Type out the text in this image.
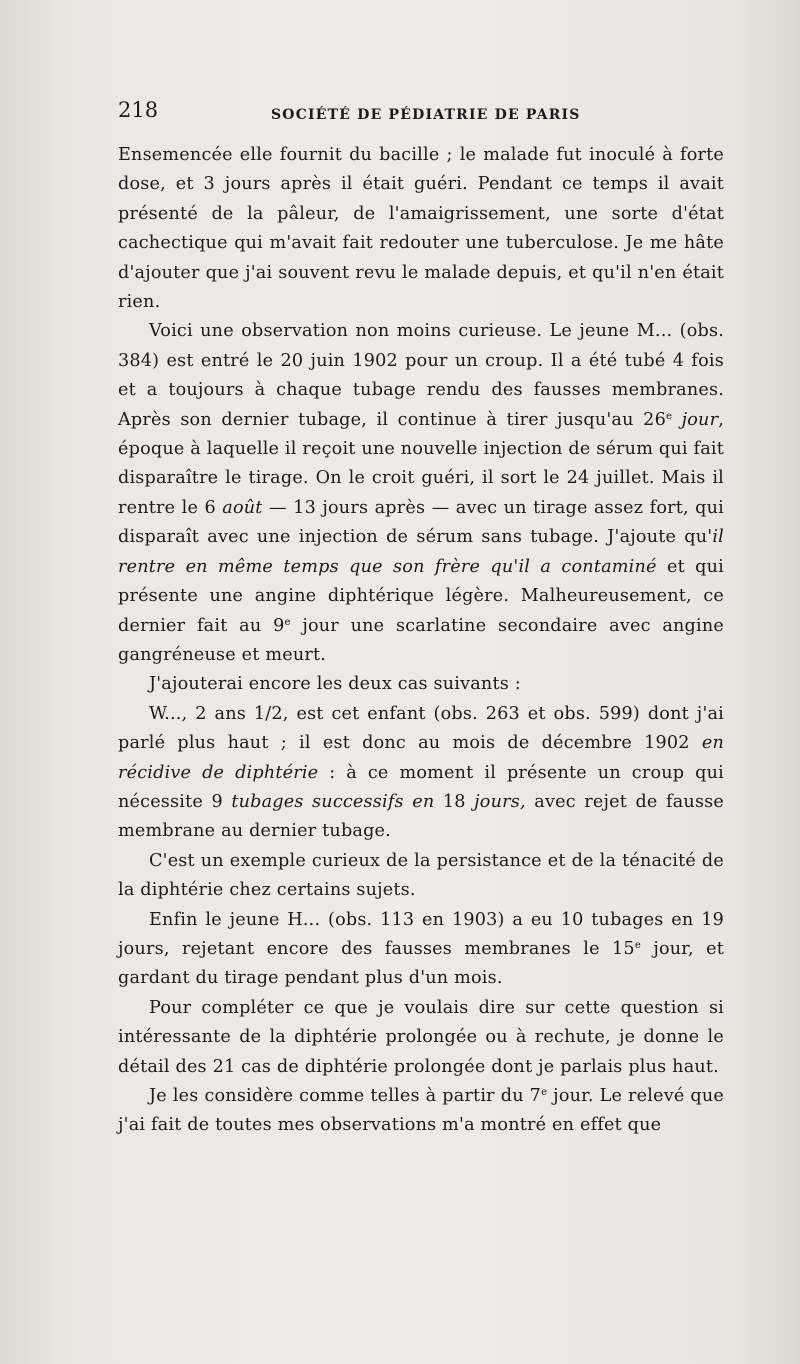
218	SOCIÉTÉ DE PÉDIATRIE DE PARIS

Ensemencée elle fournit du bacille ; le malade fut inoculé à forte dose, et 3 jours après il était guéri. Pendant ce temps il avait présenté de la pâleur, de l'amaigrissement, une sorte d'état cachectique qui m'avait fait redouter une tuberculose. Je me hâte d'ajouter que j'ai souvent revu le malade depuis, et qu'il n'en était rien.

Voici une observation non moins curieuse. Le jeune M... (obs. 384) est entré le 20 juin 1902 pour un croup. Il a été tubé 4 fois et a toujours à chaque tubage rendu des fausses membranes. Après son dernier tubage, il continue à tirer jusqu'au 26e jour, époque à laquelle il reçoit une nouvelle injection de sérum qui fait disparaître le tirage. On le croit guéri, il sort le 24 juillet. Mais il rentre le 6 août — 13 jours après — avec un tirage assez fort, qui disparaît avec une injection de sérum sans tubage. J'ajoute qu'il rentre en même temps que son frère qu'il a contaminé et qui présente une angine diphtérique légère. Malheureusement, ce dernier fait au 9e jour une scarlatine secondaire avec angine gangréneuse et meurt.

J'ajouterai encore les deux cas suivants :

W..., 2 ans 1/2, est cet enfant (obs. 263 et obs. 599) dont j'ai parlé plus haut ; il est donc au mois de décembre 1902 en récidive de diphtérie : à ce moment il présente un croup qui nécessite 9 tubages successifs en 18 jours, avec rejet de fausse membrane au dernier tubage.

C'est un exemple curieux de la persistance et de la ténacité de la diphtérie chez certains sujets.

Enfin le jeune H... (obs. 113 en 1903) a eu 10 tubages en 19 jours, rejetant encore des fausses membranes le 15e jour, et gardant du tirage pendant plus d'un mois.

Pour compléter ce que je voulais dire sur cette question si intéressante de la diphtérie prolongée ou à rechute, je donne le détail des 21 cas de diphtérie prolongée dont je parlais plus haut.

Je les considère comme telles à partir du 7e jour. Le relevé que j'ai fait de toutes mes observations m'a montré en effet que
